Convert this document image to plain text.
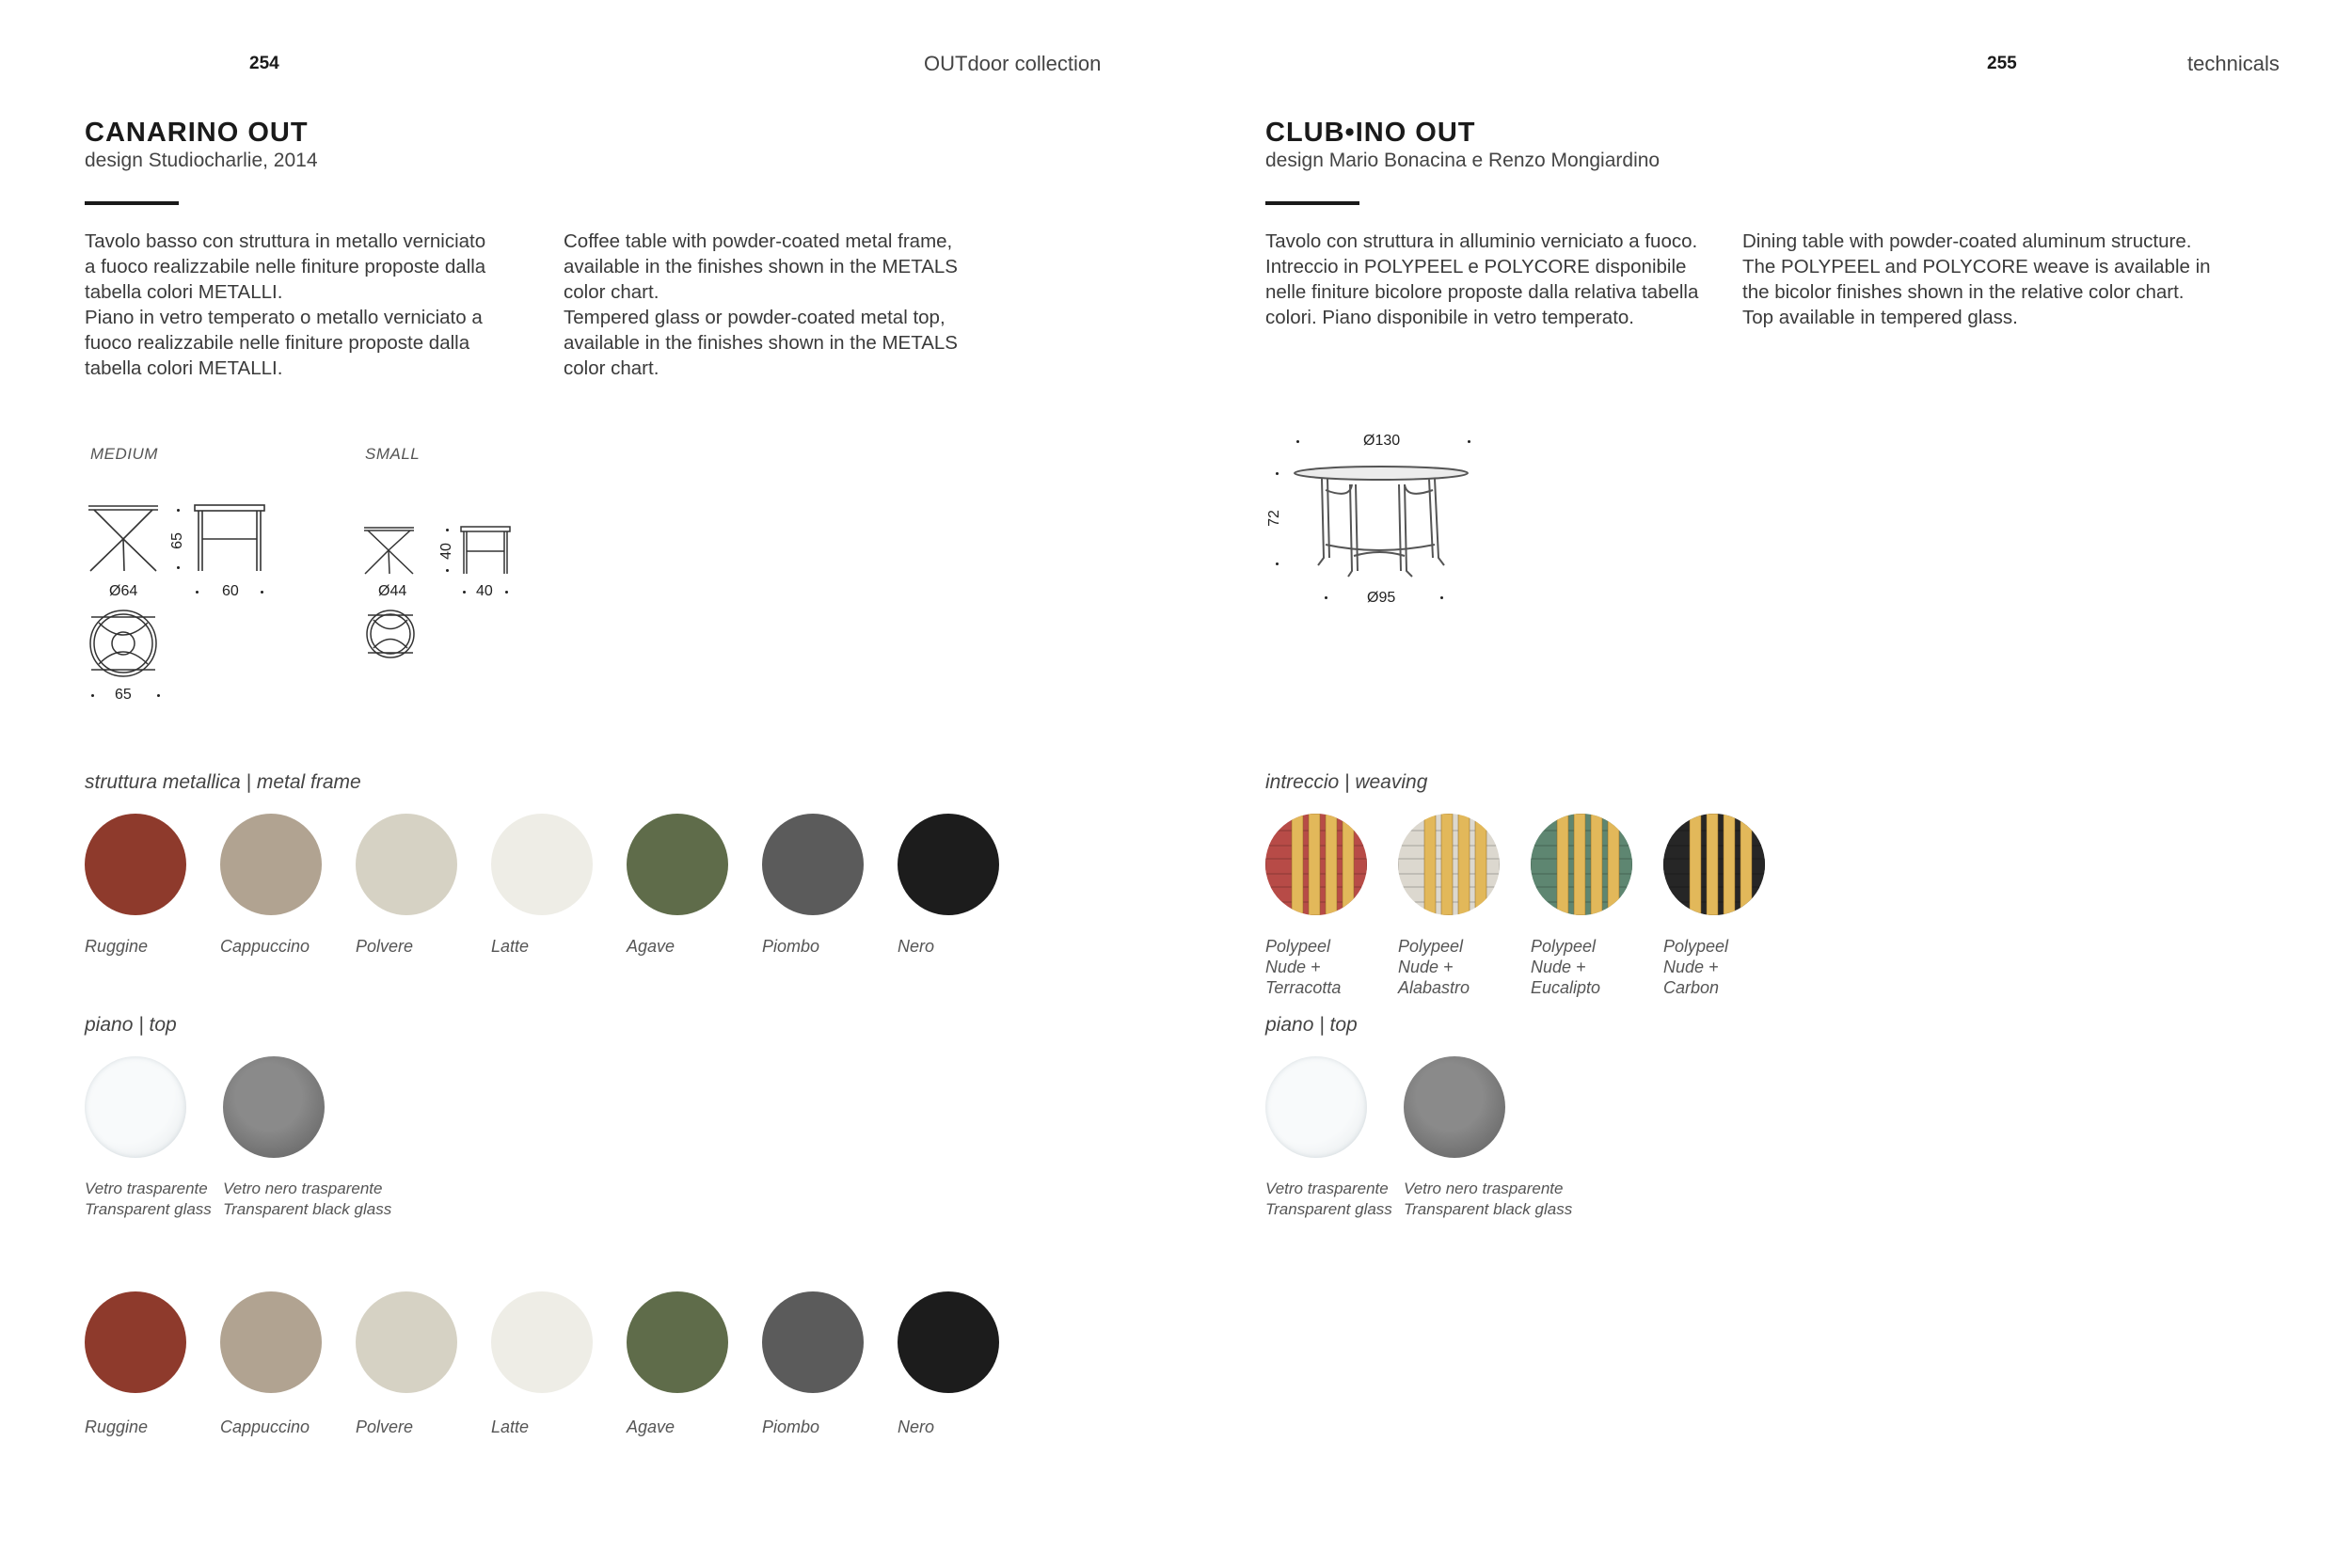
254	OUTdoor collection	255	technicals
CANARINO OUT
design Studiocharlie, 2014
Tavolo basso con struttura in metallo verniciato
a fuoco realizzabile nelle finiture proposte dalla
tabella colori METALLI.
Piano in vetro temperato o metallo verniciato a
fuoco realizzabile nelle finiture proposte dalla
tabella colori METALLI.
Coffee table with powder-coated metal frame,
available in the finishes shown in the METALS
color chart.
Tempered glass or powder-coated metal top,
available in the finishes shown in the METALS
color chart.
MEDIUM	SMALL
65
Ø64	60
65
40
Ø44	40
struttura metallica | metal frame
Ruggine	Cappuccino	Polvere	Latte	Agave	Piombo	Nero
piano | top
Vetro trasparente
Transparent glass
Vetro nero trasparente
Transparent black glass
Ruggine	Cappuccino	Polvere	Latte	Agave	Piombo	Nero
CLUB•INO OUT
design Mario Bonacina e Renzo Mongiardino
Tavolo con struttura in alluminio verniciato a fuoco.
Intreccio in POLYPEEL e POLYCORE disponibile
nelle finiture bicolore proposte dalla relativa tabella
colori. Piano disponibile in vetro temperato.
Dining table with powder-coated aluminum structure.
The POLYPEEL and POLYCORE weave is available in
the bicolor finishes shown in the relative color chart.
Top available in tempered glass.
Ø130
72
Ø95
intreccio | weaving
Polypeel
Nude +
Terracotta
Polypeel
Nude +
Alabastro
Polypeel
Nude +
Eucalipto
Polypeel
Nude +
Carbon
piano | top
Vetro trasparente
Transparent glass
Vetro nero trasparente
Transparent black glass
